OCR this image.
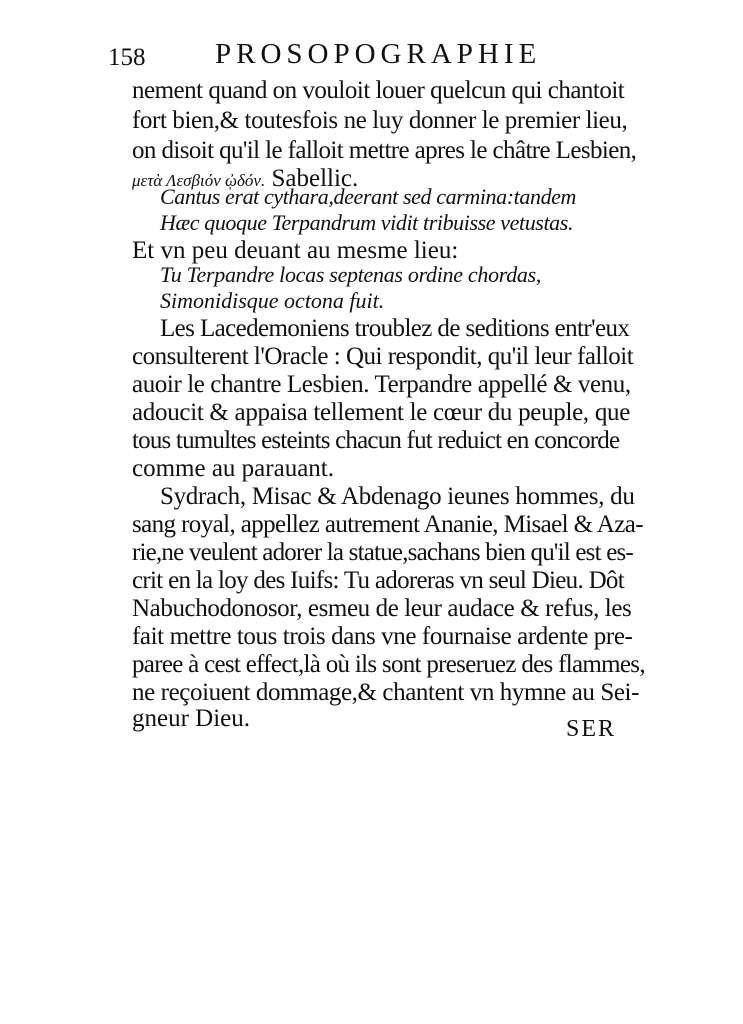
158 PROSOPOGRAPHIE
nement quand on vouloit louer quelcun qui chantoit
fort bien,& toutesfois ne luy donner le premier lieu,
on disoit qu'il le falloit mettre apres le châtre Lesbien,
μετὰ Λεσβιόν ᾠδόν. Sabellic.
Cantus erat cythara,deerant sed carmina:tandem
Hæc quoque Terpandrum vidit tribuisse vetustas.
Et vn peu deuant au mesme lieu:
Tu Terpandre locas septenas ordine chordas,
Simonidisque octona fuit.
Les Lacedemoniens troublez de seditions entr'eux
consulterent l'Oracle : Qui respondit, qu'il leur falloit
auoir le chantre Lesbien. Terpandre appellé & venu,
adoucit & appaisa tellement le cœur du peuple, que
tous tumultes esteints chacun fut reduict en concorde
comme au parauant.
Sydrach, Misac & Abdenago ieunes hommes, du
sang royal, appellez autrement Ananie, Misael & Aza-
rie,ne veulent adorer la statue,sachans bien qu'il est es-
crit en la loy des Iuifs: Tu adoreras vn seul Dieu. Dôt
Nabuchodonosor, esmeu de leur audace & refus, les
fait mettre tous trois dans vne fournaise ardente pre-
paree à cest effect,là où ils sont preseruez des flammes,
ne reçoiuent dommage,& chantent vn hymne au Sei-
gneur Dieu.	SER
